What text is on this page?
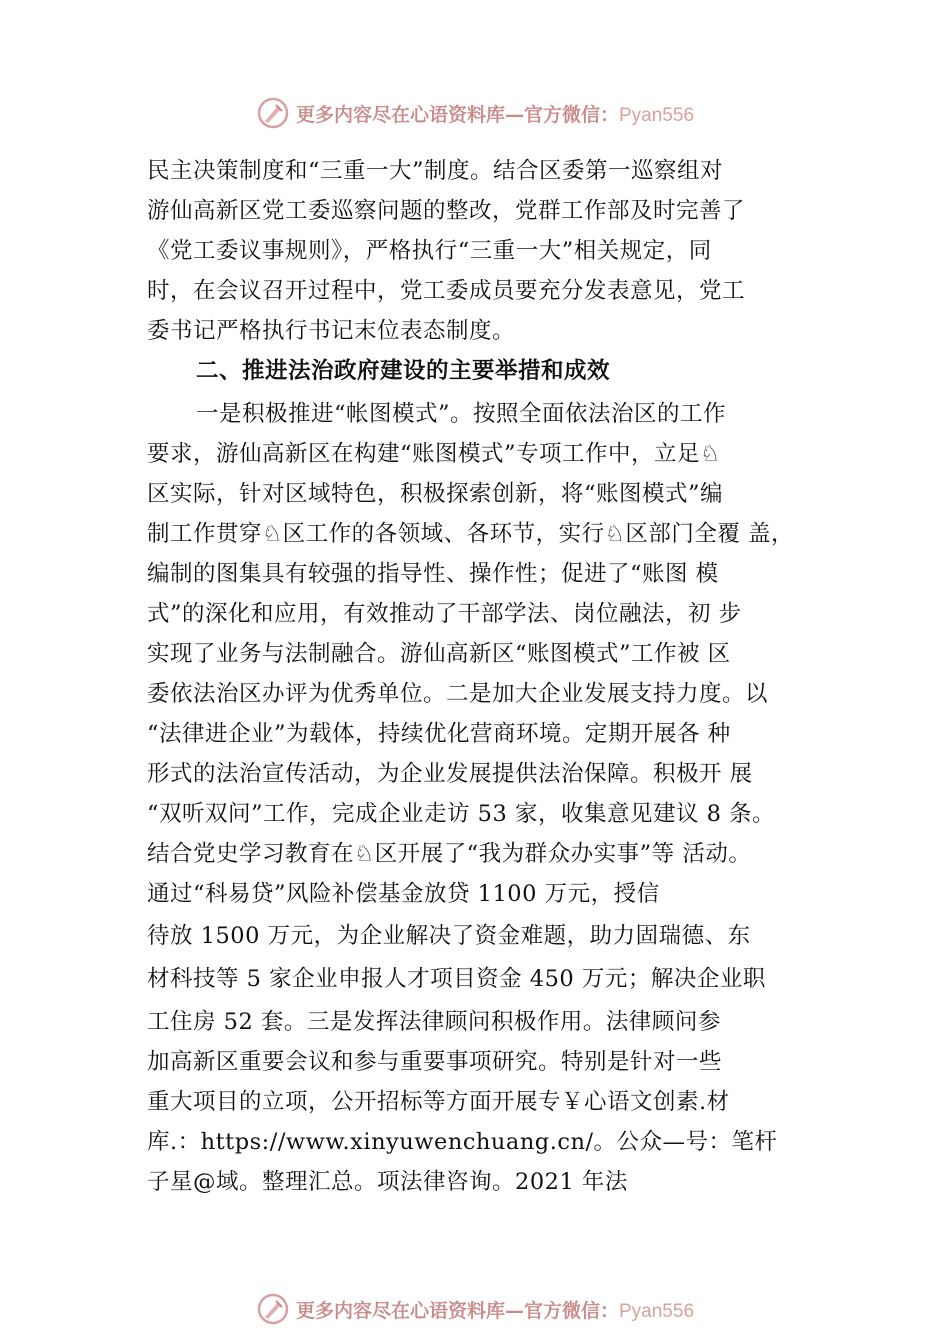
更多内容尽在心语资料库—官方微信：Pyan556
民主决策制度和“三重一大”制度。结合区委第一巡察组对
游仙高新区党工委巡察问题的整改，党群工作部及时完善了
《党工委议事规则》，严格执行“三重一大”相关规定，同
时，在会议召开过程中，党工委成员要充分发表意见，党工
委书记严格执行书记末位表态制度。
二、推进法治政府建设的主要举措和成效
一是积极推进“帐图模式”。按照全面依法治区的工作
要求，游仙高新区在构建“账图模式”专项工作中，立足♘
区实际，针对区域特色，积极探索创新，将“账图模式”编
制工作贯穿♘区工作的各领域、各环节，实行♘区部门全覆 盖，
编制的图集具有较强的指导性、操作性；促进了“账图 模
式”的深化和应用，有效推动了干部学法、岗位融法，初 步
实现了业务与法制融合。游仙高新区“账图模式”工作被 区
委依法治区办评为优秀单位。二是加大企业发展支持力度。以
“法律进企业”为载体，持续优化营商环境。定期开展各 种
形式的法治宣传活动，为企业发展提供法治保障。积极开 展
“双听双问”工作，完成企业走访 53 家，收集意见建议 8 条。
结合党史学习教育在♘区开展了“我为群众办实事”等 活动。
通过“科易贷”风险补偿基金放贷 1100 万元，授信
待放 1500 万元，为企业解决了资金难题，助力固瑞德、东
材科技等 5 家企业申报人才项目资金 450 万元；解决企业职
工住房 52 套。三是发挥法律顾问积极作用。法律顾问参
加高新区重要会议和参与重要事项研究。特别是针对一些
重大项目的立项，公开招标等方面开展专￥心语文创素.材
库.：https://www.xinyuwenchuang.cn/。公众—号：笔杆
子星@域。整理汇总。项法律咨询。2021 年法
更多内容尽在心语资料库—官方微信：Pyan556
